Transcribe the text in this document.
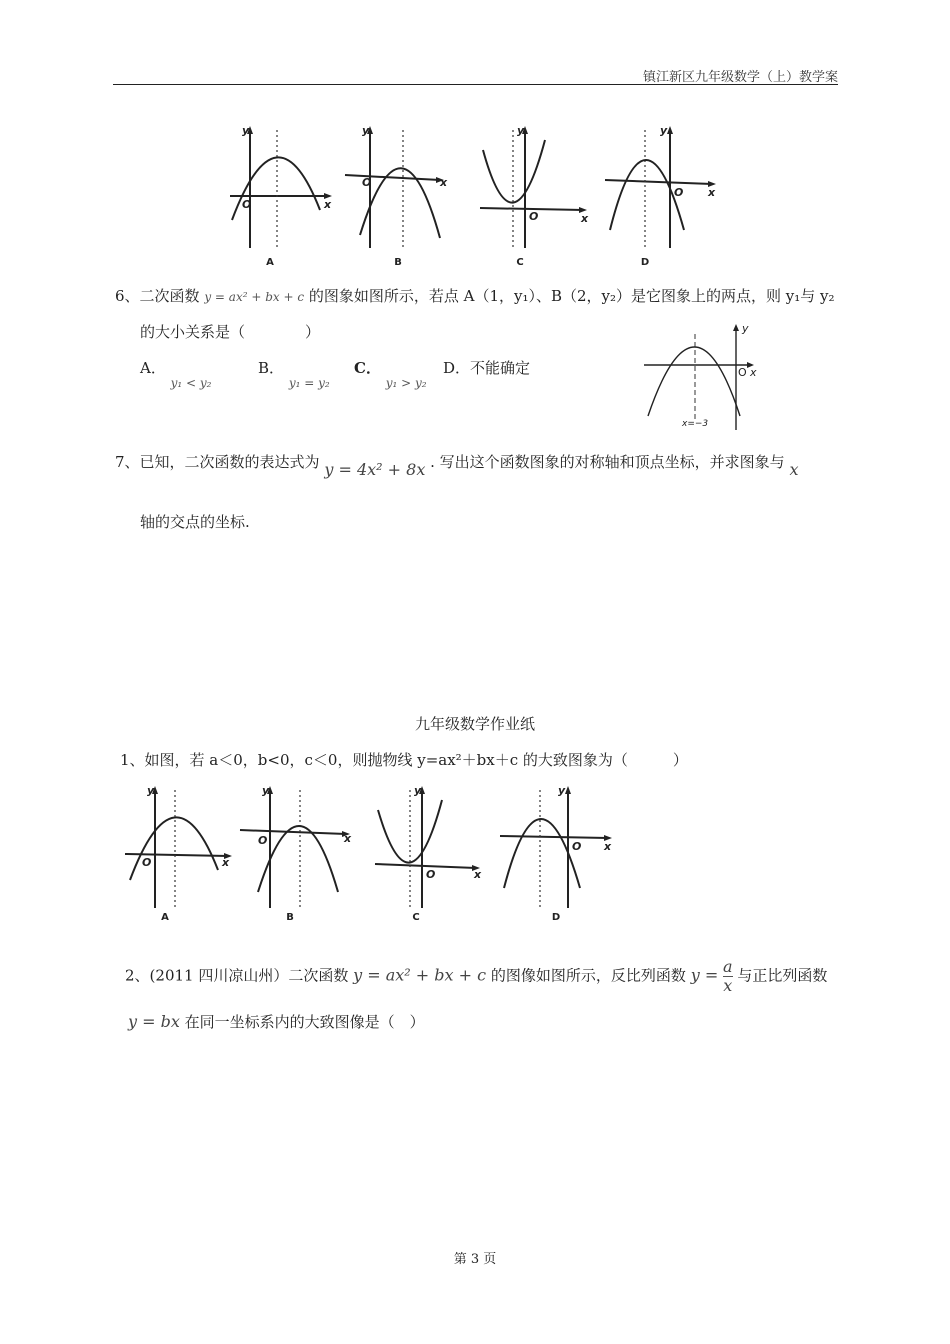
镇江新区九年级数学（上）教学案
y
x
O
A
y
x
O
B
y
x
O
C
y
x
O
D
6、二次函数 y = ax² + bx + c 的图象如图所示，若点 A（1，y₁）、B（2，y₂）是它图象上的两点，则 y₁与 y₂
的大小关系是（　　　　）
A． $_{y_1 < y_2}$
B． $_{y_1 = y_2}$
C． $_{y_1 > y_2}$
D．不能确定
y
x
O
x=−3
7、已知，二次函数的表达式为 y = 4x² + 8x . 写出这个函数图象的对称轴和顶点坐标，并求图象与 x
轴的交点的坐标.
九年级数学作业纸
1、如图，若 a＜0，b<0，c＜0，则抛物线 y=ax²＋bx＋c 的大致图象为（　　　）
y
x
O
A
y
x
O
B
y
x
O
C
y
x
O
D
2、(2011 四川凉山州）二次函数 y = ax² + bx + c 的图像如图所示，反比列函数 $y = \frac{a}{x}$ 与正比列函数
y = bx 在同一坐标系内的大致图像是（　）
第 3 页
